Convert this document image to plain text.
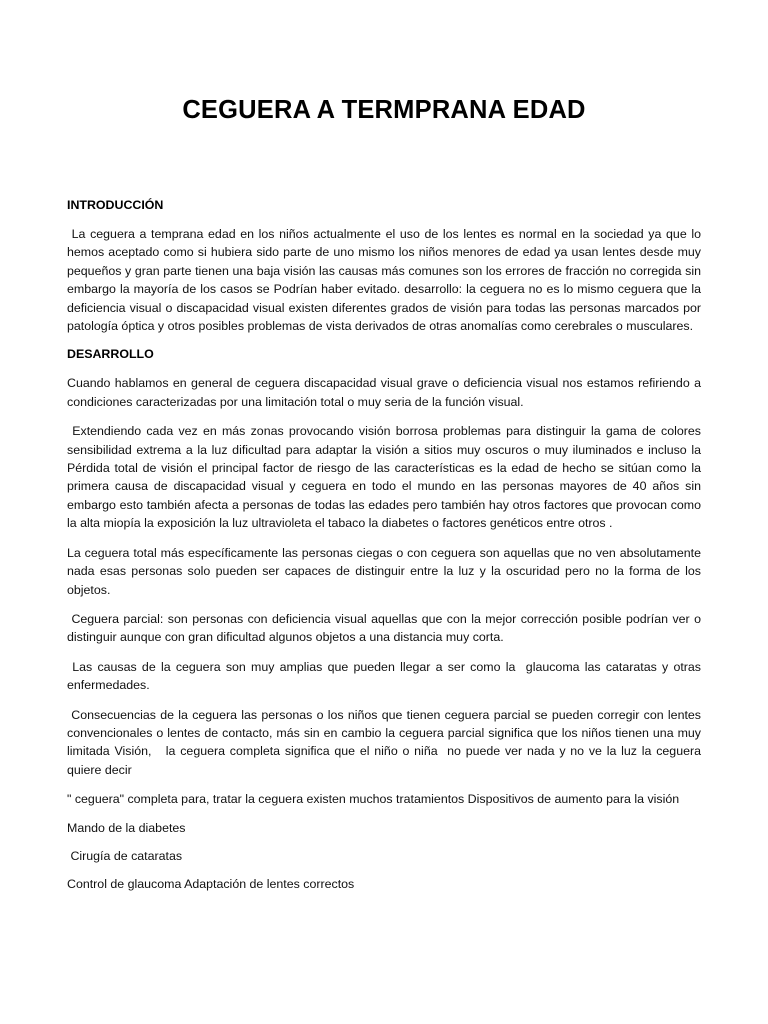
CEGUERA A TERMPRANA EDAD
INTRODUCCIÓN

La ceguera a temprana edad en los niños actualmente el uso de los lentes es normal en la sociedad ya que lo hemos aceptado como si hubiera sido parte de uno mismo los niños menores de edad ya usan lentes desde muy pequeños y gran parte tienen una baja visión las causas más comunes son los errores de fracción no corregida sin embargo la mayoría de los casos se Podrían haber evitado. desarrollo: la ceguera no es lo mismo ceguera que la deficiencia visual o discapacidad visual existen diferentes grados de visión para todas las personas marcados por patología óptica y otros posibles problemas de vista derivados de otras anomalías como cerebrales o musculares.

DESARROLLO

Cuando hablamos en general de ceguera discapacidad visual grave o deficiencia visual nos estamos refiriendo a condiciones caracterizadas por una limitación total o muy seria de la función visual.

Extendiendo cada vez en más zonas provocando visión borrosa problemas para distinguir la gama de colores sensibilidad extrema a la luz dificultad para adaptar la visión a sitios muy oscuros o muy iluminados e incluso la Pérdida total de visión el principal factor de riesgo de las características es la edad de hecho se sitúan como la primera causa de discapacidad visual y ceguera en todo el mundo en las personas mayores de 40 años sin embargo esto también afecta a personas de todas las edades pero también hay otros factores que provocan como la alta miopía la exposición la luz ultravioleta el tabaco la diabetes o factores genéticos entre otros .

La ceguera total más específicamente las personas ciegas o con ceguera son aquellas que no ven absolutamente nada esas personas solo pueden ser capaces de distinguir entre la luz y la oscuridad pero no la forma de los objetos.

Ceguera parcial: son personas con deficiencia visual aquellas que con la mejor corrección posible podrían ver o distinguir aunque con gran dificultad algunos objetos a una distancia muy corta.

Las causas de la ceguera son muy amplias que pueden llegar a ser como la  glaucoma las cataratas y otras enfermedades.

Consecuencias de la ceguera las personas o los niños que tienen ceguera parcial se pueden corregir con lentes convencionales o lentes de contacto, más sin en cambio la ceguera parcial significa que los niños tienen una muy limitada Visión,   la ceguera completa significa que el niño o niña  no puede ver nada y no ve la luz la ceguera quiere decir

" ceguera" completa para, tratar la ceguera existen muchos tratamientos Dispositivos de aumento para la visión

Mando de la diabetes

Cirugía de cataratas

Control de glaucoma Adaptación de lentes correctos
